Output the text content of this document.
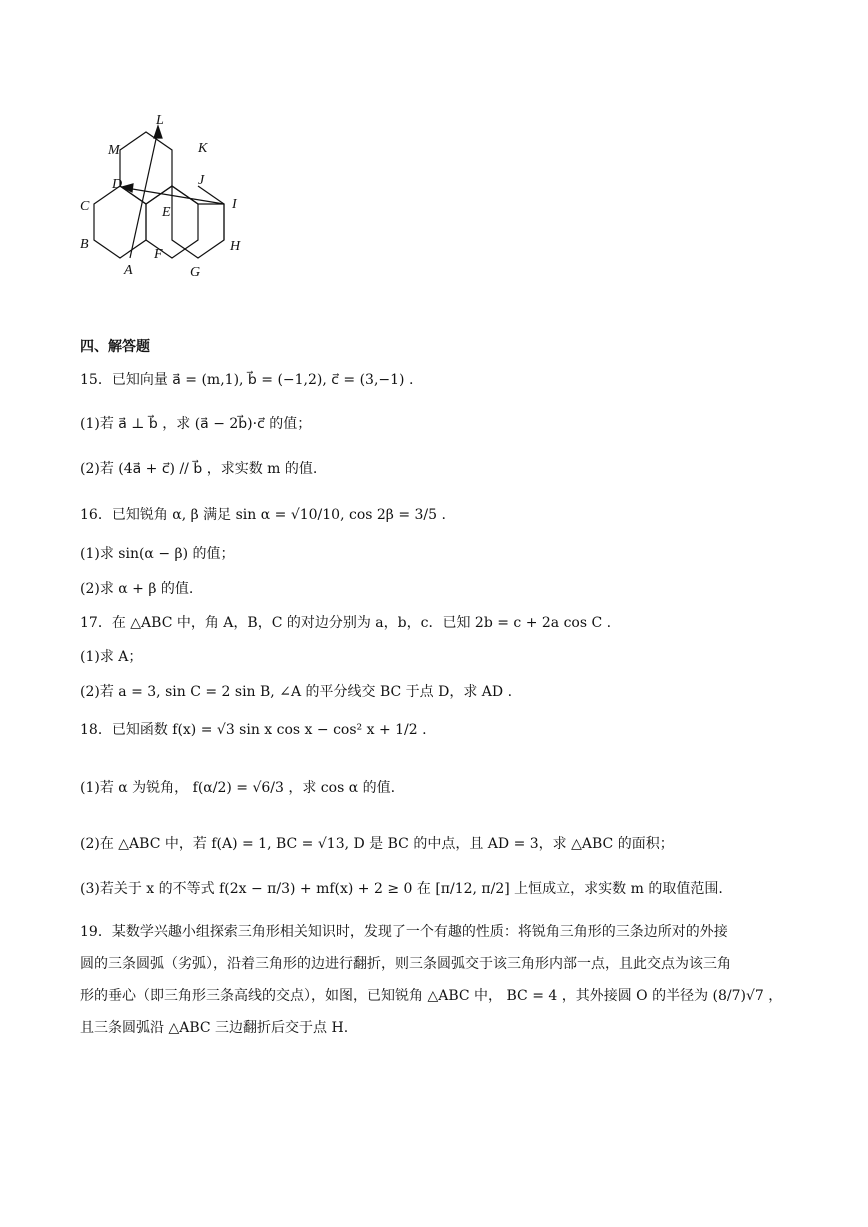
L
M	K
D	J
C	E
I
B	H
F
A	G
四、解答题
15．已知向量 a⃗ = (m,1), b⃗ = (−1,2), c⃗ = (3,−1) .
(1)若 a⃗ ⊥ b⃗ ，求 (a⃗ − 2b⃗)·c⃗ 的值；
(2)若 (4a⃗ + c⃗) // b⃗ ，求实数 m 的值.
16．已知锐角 α, β 满足 sin α = √10/10, cos 2β = 3/5 .
(1)求 sin(α − β) 的值；
(2)求 α + β 的值.
17．在 △ABC 中，角 A，B，C 的对边分别为 a，b，c．已知 2b = c + 2a cos C .
(1)求 A；
(2)若 a = 3, sin C = 2 sin B, ∠A 的平分线交 BC 于点 D，求 AD .
18．已知函数 f(x) = √3 sin x cos x − cos² x + 1/2 .
(1)若 α 为锐角， f(α/2) = √6/3 ，求 cos α 的值.
(2)在 △ABC 中，若 f(A) = 1, BC = √13, D 是 BC 的中点，且 AD = 3，求 △ABC 的面积；
(3)若关于 x 的不等式 f(2x − π/3) + mf(x) + 2 ≥ 0 在 [π/12, π/2] 上恒成立，求实数 m 的取值范围.

19．某数学兴趣小组探索三角形相关知识时，发现了一个有趣的性质：将锐角三角形的三条边所对的外接

圆的三条圆弧（劣弧），沿着三角形的边进行翻折，则三条圆弧交于该三角形内部一点，且此交点为该三角

形的垂心（即三角形三条高线的交点），如图，已知锐角 △ABC 中， BC = 4 ，其外接圆 O 的半径为 (8/7)√7 ，

且三条圆弧沿 △ABC 三边翻折后交于点 H.
